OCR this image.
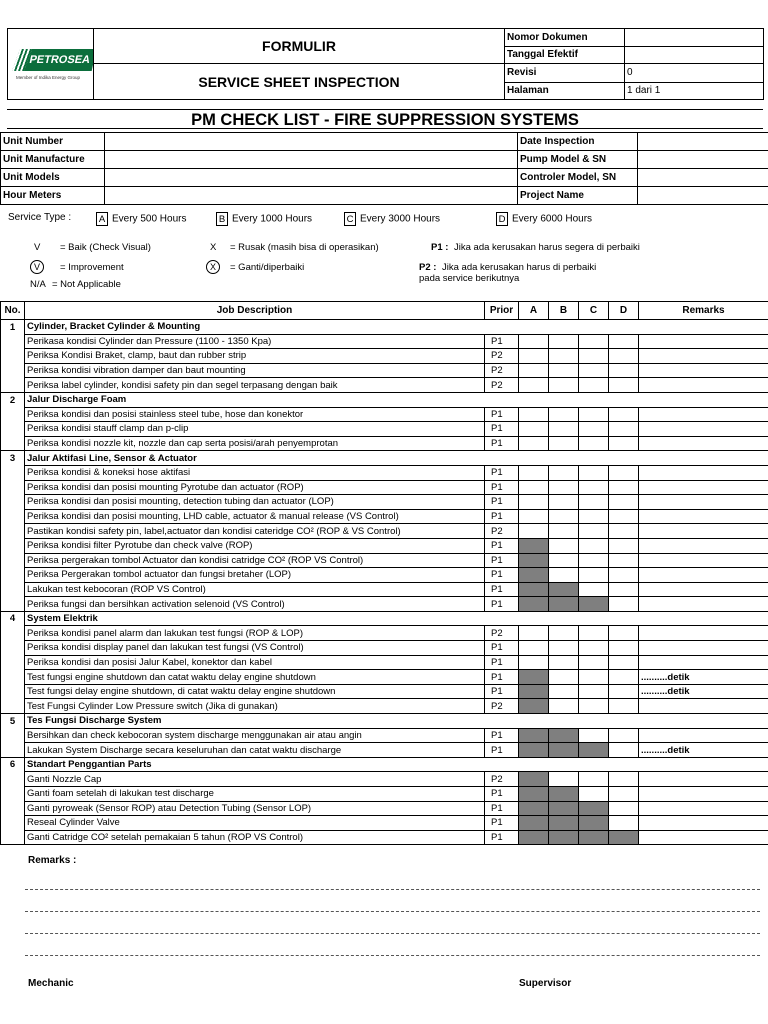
PETROSEA
Member of Indika Energy Group	FORMULIR	Nomor Dokumen	
		Tanggal Efektif	
	SERVICE SHEET INSPECTION	Revisi	0
		Halaman	1 dari 1
PM CHECK LIST - FIRE SUPPRESSION SYSTEMS
Unit Number		Date Inspection	
Unit Manufacture		Pump Model & SN	
Unit Models		Controler Model, SN	
Hour Meters		Project Name	
Service Type :	A Every 500 Hours	B Every 1000 Hours	C Every 3000 Hours	D Every 6000 Hours
V = Baik (Check Visual)	X = Rusak (masih bisa di operasikan)	P1 : Jika ada kerusakan harus segera di perbaiki
V	= Improvement	X	= Ganti/diperbaiki	P2 : Jika ada kerusakan harus di perbaiki
pada service berikutnya
N/A = Not Applicable
No.	Job Description	Prior	A	B	C	D	Remarks
1	Cylinder, Bracket Cylinder & Mounting						
	Perikasa kondisi Cylinder dan Pressure (1100 - 1350 Kpa)	P1					
	Periksa Kondisi Braket, clamp, baut dan rubber strip	P2					
	Periksa kondisi vibration damper dan baut mounting	P2					
	Periksa label cylinder, kondisi safety pin dan segel terpasang dengan baik	P2					
2	Jalur Discharge Foam						
	Periksa kondisi dan posisi stainless steel tube, hose dan konektor	P1					
	Periksa kondisi stauff clamp dan p-clip	P1					
	Periksa kondisi nozzle kit, nozzle dan cap serta posisi/arah penyemprotan	P1					
3	Jalur Aktifasi Line, Sensor & Actuator						
	Periksa kondisi & koneksi hose aktifasi	P1					
	Periksa kondisi dan posisi mounting Pyrotube dan actuator (ROP)	P1					
	Periksa kondisi dan posisi mounting, detection tubing dan actuator (LOP)	P1					
	Periksa kondisi dan posisi mounting, LHD cable, actuator & manual release (VS Control)	P1					
	Pastikan kondisi safety pin, label,actuator dan kondisi cateridge CO² (ROP & VS Control)	P2					
	Periksa kondisi filter Pyrotube dan check valve (ROP)	P1					
	Periksa pergerakan tombol Actuator dan kondisi catridge CO² (ROP VS Control)	P1					
	Periksa Pergerakan tombol actuator dan fungsi bretaher (LOP)	P1					
	Lakukan test kebocoran (ROP VS Control)	P1					
	Periksa fungsi dan bersihkan activation selenoid (VS Control)	P1					
4	System Elektrik						
	Periksa kondisi panel alarm dan lakukan test fungsi (ROP & LOP)	P2					
	Periksa kondisi display panel dan lakukan test fungsi (VS Control)	P1					
	Periksa kondisi dan posisi Jalur Kabel, konektor dan kabel	P1					
	Test fungsi engine shutdown dan catat waktu delay engine shutdown	P1					..........detik
	Test fungsi delay engine shutdown, di catat waktu delay engine shutdown	P1					..........detik
	Test Fungsi Cylinder Low Pressure switch (Jika di gunakan)	P2					
5	Tes Fungsi Discharge System						
	Bersihkan dan check kebocoran system discharge menggunakan air atau angin	P1					
	Lakukan System Discharge secara keseluruhan dan catat waktu discharge	P1					..........detik
6	Standart Penggantian Parts						
	Ganti Nozzle Cap	P2					
	Ganti foam setelah di lakukan test discharge	P1					
	Ganti pyroweak (Sensor ROP) atau Detection Tubing (Sensor LOP)	P1					
	Reseal Cylinder Valve	P1					
	Ganti Catridge CO² setelah pemakaian 5 tahun (ROP VS Control)	P1					
Remarks :
Mechanic	Supervisor
